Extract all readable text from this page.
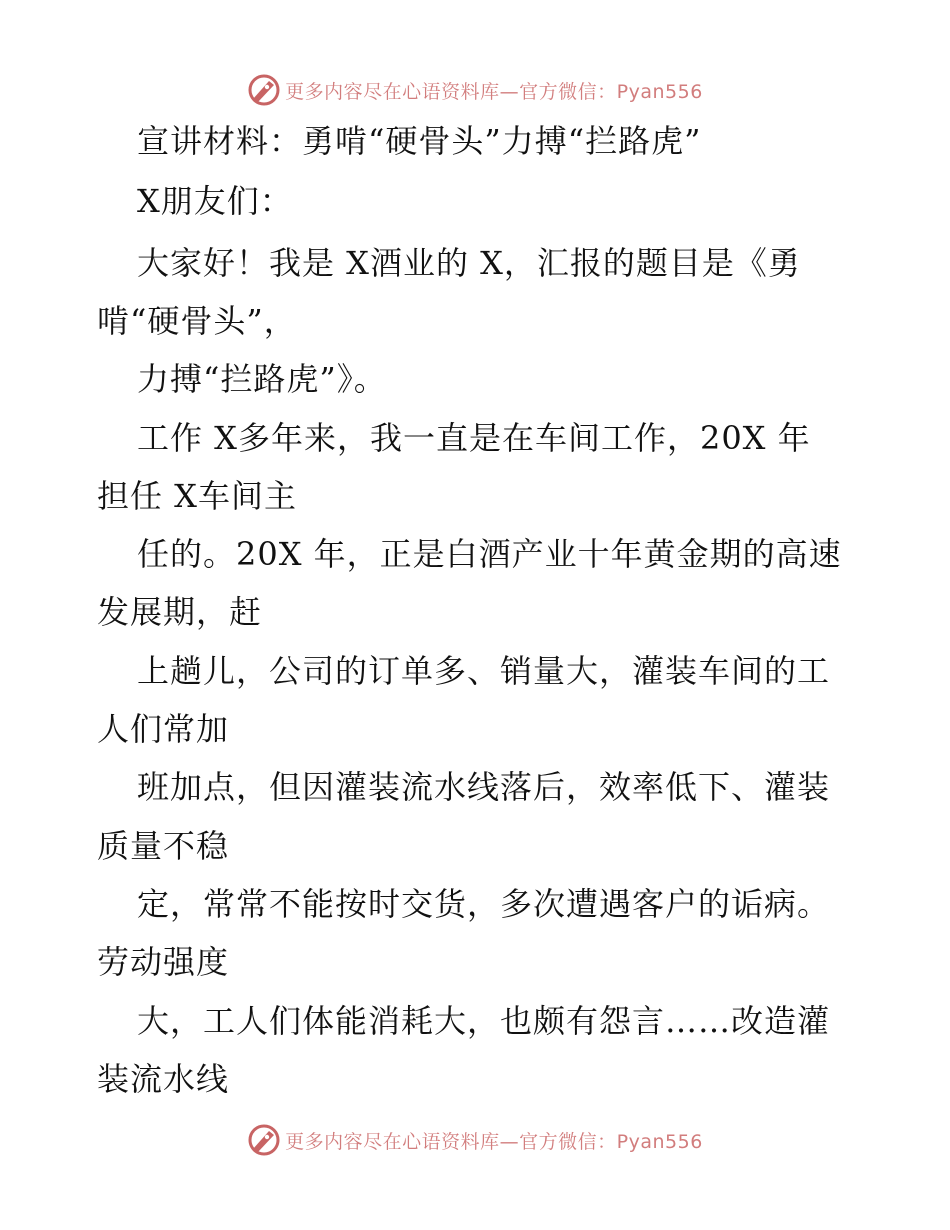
更多内容尽在心语资料库—官方微信：Pyan556
宣讲材料：勇啃“硬骨头”力搏“拦路虎”
X朋友们：
大家好！我是 X酒业的 X，汇报的题目是《勇
啃“硬骨头”，
力搏“拦路虎”》。
工作 X多年来，我一直是在车间工作，20X 年
担任 X车间主
任的。20X 年，正是白酒产业十年黄金期的高速
发展期，赶
上趟儿，公司的订单多、销量大，灌装车间的工
人们常加
班加点，但因灌装流水线落后，效率低下、灌装
质量不稳
定，常常不能按时交货，多次遭遇客户的诟病。
劳动强度
大，工人们体能消耗大，也颇有怨言……改造灌
装流水线
更多内容尽在心语资料库—官方微信：Pyan556
